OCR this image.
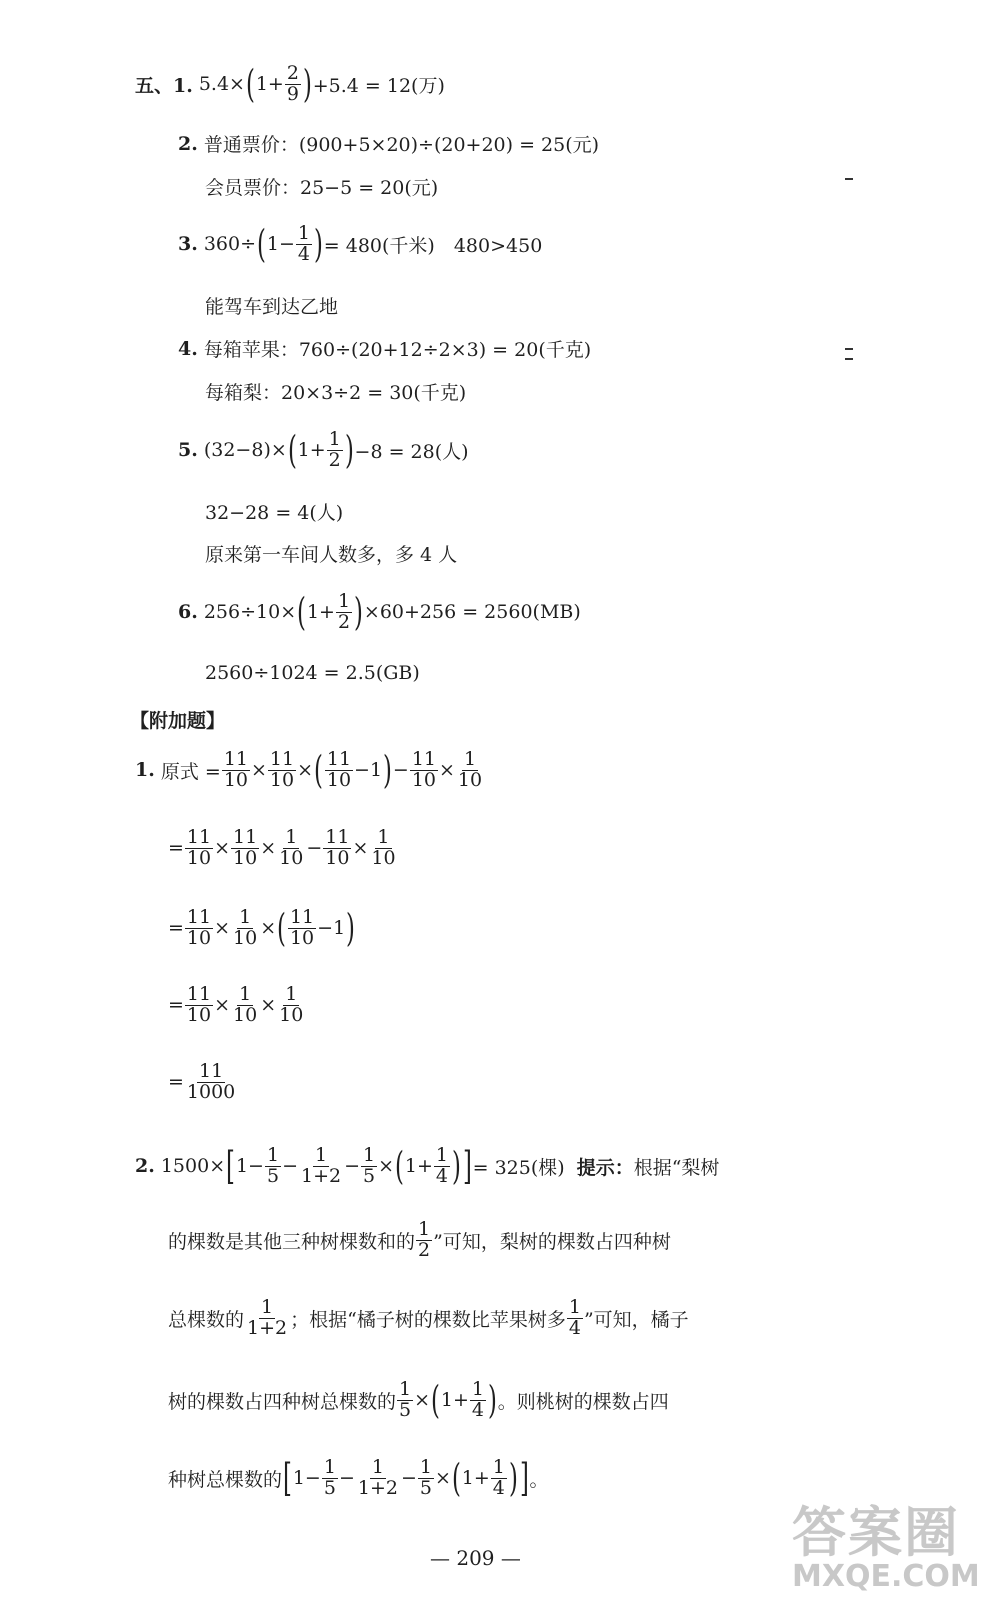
五、1. 5.4× ( $1+ \frac{2}{9}$ ) +5.4 = 12(万)
2. 普通票价：(900+5×20)÷(20+20) = 25(元)
会员票价：25−5 = 20(元)
3. 360÷ ( $1- \frac{1}{4}$ ) = 480(千米)　480>450
能驾车到达乙地
4. 每箱苹果：760÷(20+12÷2×3) = 20(千克)
每箱梨：20×3÷2 = 30(千克)
5. (32−8)× ( $1+ \frac{1}{2}$ ) −8 = 28(人)
32−28 = 4(人)
原来第一车间人数多，多 4 人
6. 256÷10× ( $1+ \frac{1}{2}$ ) ×60+256 = 2560(MB)
2560÷1024 = 2.5(GB)
【附加题】
1. 原式 = $\frac{11}{10} \times \frac{11}{10}$ × ( $\frac{11}{10} -1$ ) − $\frac{11}{10} \times \frac{1}{10}$
= $\frac{11}{10} \times \frac{11}{10} \times \frac{1}{10} - \frac{11}{10} \times \frac{1}{10}$
= $\frac{11}{10} \times \frac{1}{10}$ × ( $\frac{11}{10} -1$ )
= $\frac{11}{10} \times \frac{1}{10} \times \frac{1}{10}$
= $\frac{11}{1000}$
2. 1500× [ $1- \frac{1}{5} - \frac{1}{1+2} - \frac{1}{5}$ × ( $1+ \frac{1}{4}$ ) ] = 325(棵) 提示： 根据“梨树
的棵数是其他三种树棵数和的 $\frac{1}{2}$ ”可知，梨树的棵数占四种树
总棵数的 $\frac{1}{1+2}$ ；根据“橘子树的棵数比苹果树多 $\frac{1}{4}$ ”可知，橘子
树的棵数占四种树总棵数的 $\frac{1}{5}$ × ( $1+ \frac{1}{4}$ ) 。则桃树的棵数占四
种树总棵数的 [ $1- \frac{1}{5} - \frac{1}{1+2} - \frac{1}{5}$ × ( $1+ \frac{1}{4}$ ) ] 。
— 209 —	答案圈
MXQE.COM
